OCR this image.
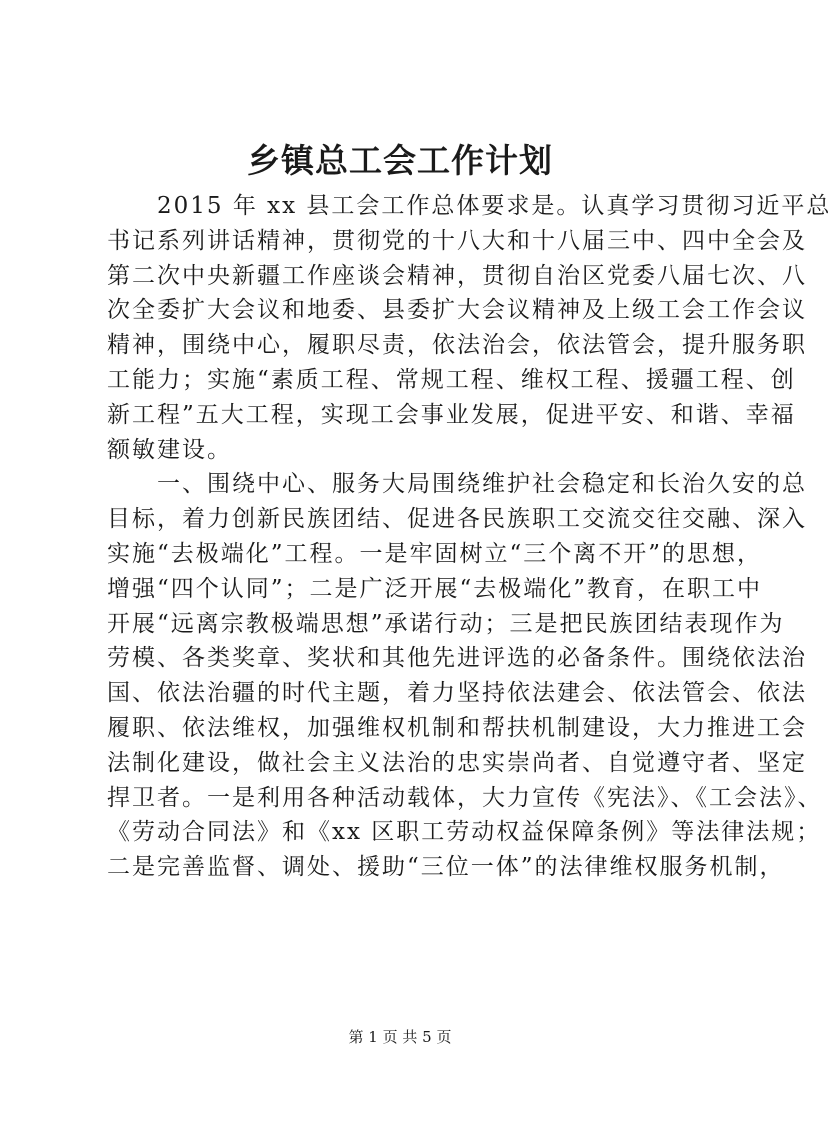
乡镇总工会工作计划
　　2015 年 xx 县工会工作总体要求是。认真学习贯彻习近平总
书记系列讲话精神，贯彻党的十八大和十八届三中、四中全会及
第二次中央新疆工作座谈会精神，贯彻自治区党委八届七次、八
次全委扩大会议和地委、县委扩大会议精神及上级工会工作会议
精神，围绕中心，履职尽责，依法治会，依法管会，提升服务职
工能力；实施“素质工程、常规工程、维权工程、援疆工程、创
新工程”五大工程，实现工会事业发展，促进平安、和谐、幸福
额敏建设。
　　一、围绕中心、服务大局围绕维护社会稳定和长治久安的总
目标，着力创新民族团结、促进各民族职工交流交往交融、深入
实施“去极端化”工程。一是牢固树立“三个离不开”的思想，
增强“四个认同”；二是广泛开展“去极端化”教育，在职工中
开展“远离宗教极端思想”承诺行动；三是把民族团结表现作为
劳模、各类奖章、奖状和其他先进评选的必备条件。围绕依法治
国、依法治疆的时代主题，着力坚持依法建会、依法管会、依法
履职、依法维权，加强维权机制和帮扶机制建设，大力推进工会
法制化建设，做社会主义法治的忠实崇尚者、自觉遵守者、坚定
捍卫者。一是利用各种活动载体，大力宣传《宪法》、《工会法》、
《劳动合同法》和《xx 区职工劳动权益保障条例》等法律法规；
二是完善监督、调处、援助“三位一体”的法律维权服务机制，
第 1 页 共 5 页
